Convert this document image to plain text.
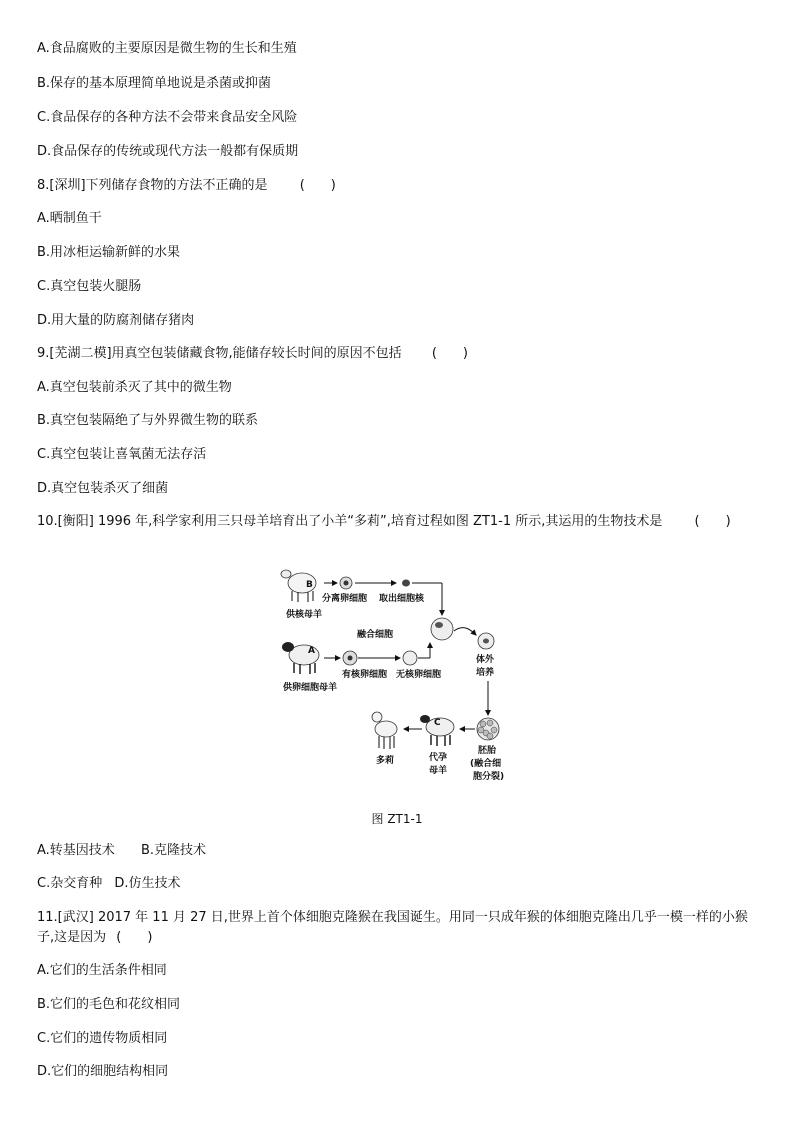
A.食品腐败的主要原因是微生物的生长和生殖
B.保存的基本原理简单地说是杀菌或抑菌
C.食品保存的各种方法不会带来食品安全风险
D.食品保存的传统或现代方法一般都有保质期
8.[深圳]下列储存食物的方法不正确的是 (　　)
A.晒制鱼干
B.用冰柜运输新鲜的水果
C.真空包装火腿肠
D.用大量的防腐剂储存猪肉
9.[芜湖二模]用真空包装储藏食物,能储存较长时间的原因不包括 (　　)
A.真空包装前杀灭了其中的微生物
B.真空包装隔绝了与外界微生物的联系
C.真空包装让喜氧菌无法存活
D.真空包装杀灭了细菌
10.[衡阳] 1996 年,科学家利用三只母羊培育出了小羊“多莉”,培育过程如图 ZT1-1 所示,其运用的生物技术是 (　　)
B
分离卵细胞 取出细胞核
供核母羊
融合细胞
A
有核卵细胞 无核卵细胞
供卵细胞母羊
体外
培养
胚胎
(融合细
胞分裂)
C
代孕
母羊
多莉
图 ZT1-1
A.转基因技术 B.克隆技术
C.杂交育种 D.仿生技术
11.[武汉] 2017 年 11 月 27 日,世界上首个体细胞克隆猴在我国诞生。用同一只成年猴的体细胞克隆出几乎一模一样的小猴子,这是因为 (　　)
A.它们的生活条件相同
B.它们的毛色和花纹相同
C.它们的遗传物质相同
D.它们的细胞结构相同
